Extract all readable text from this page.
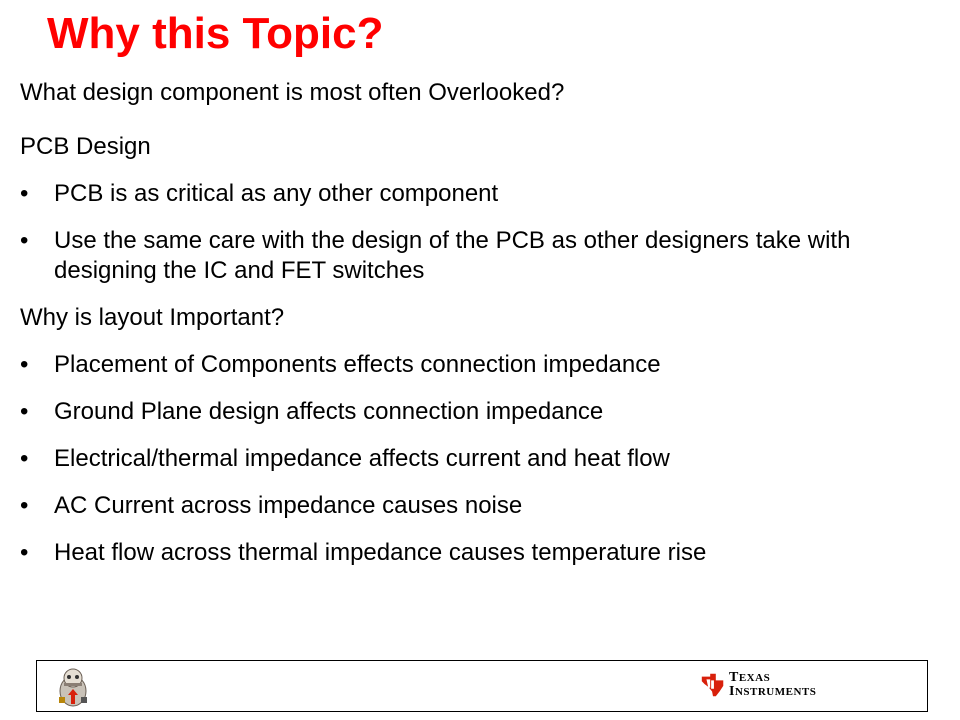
Why this Topic?

What design component is most often Overlooked?

PCB Design

• PCB is as critical as any other component
• Use the same care with the design of the PCB as other designers take with designing the IC and FET switches

Why is layout Important?

• Placement of Components effects connection impedance
• Ground Plane design affects connection impedance
• Electrical/thermal impedance affects current and heat flow
• AC Current across impedance causes noise
• Heat flow across thermal impedance causes temperature rise
TEXAS
INSTRUMENTS
